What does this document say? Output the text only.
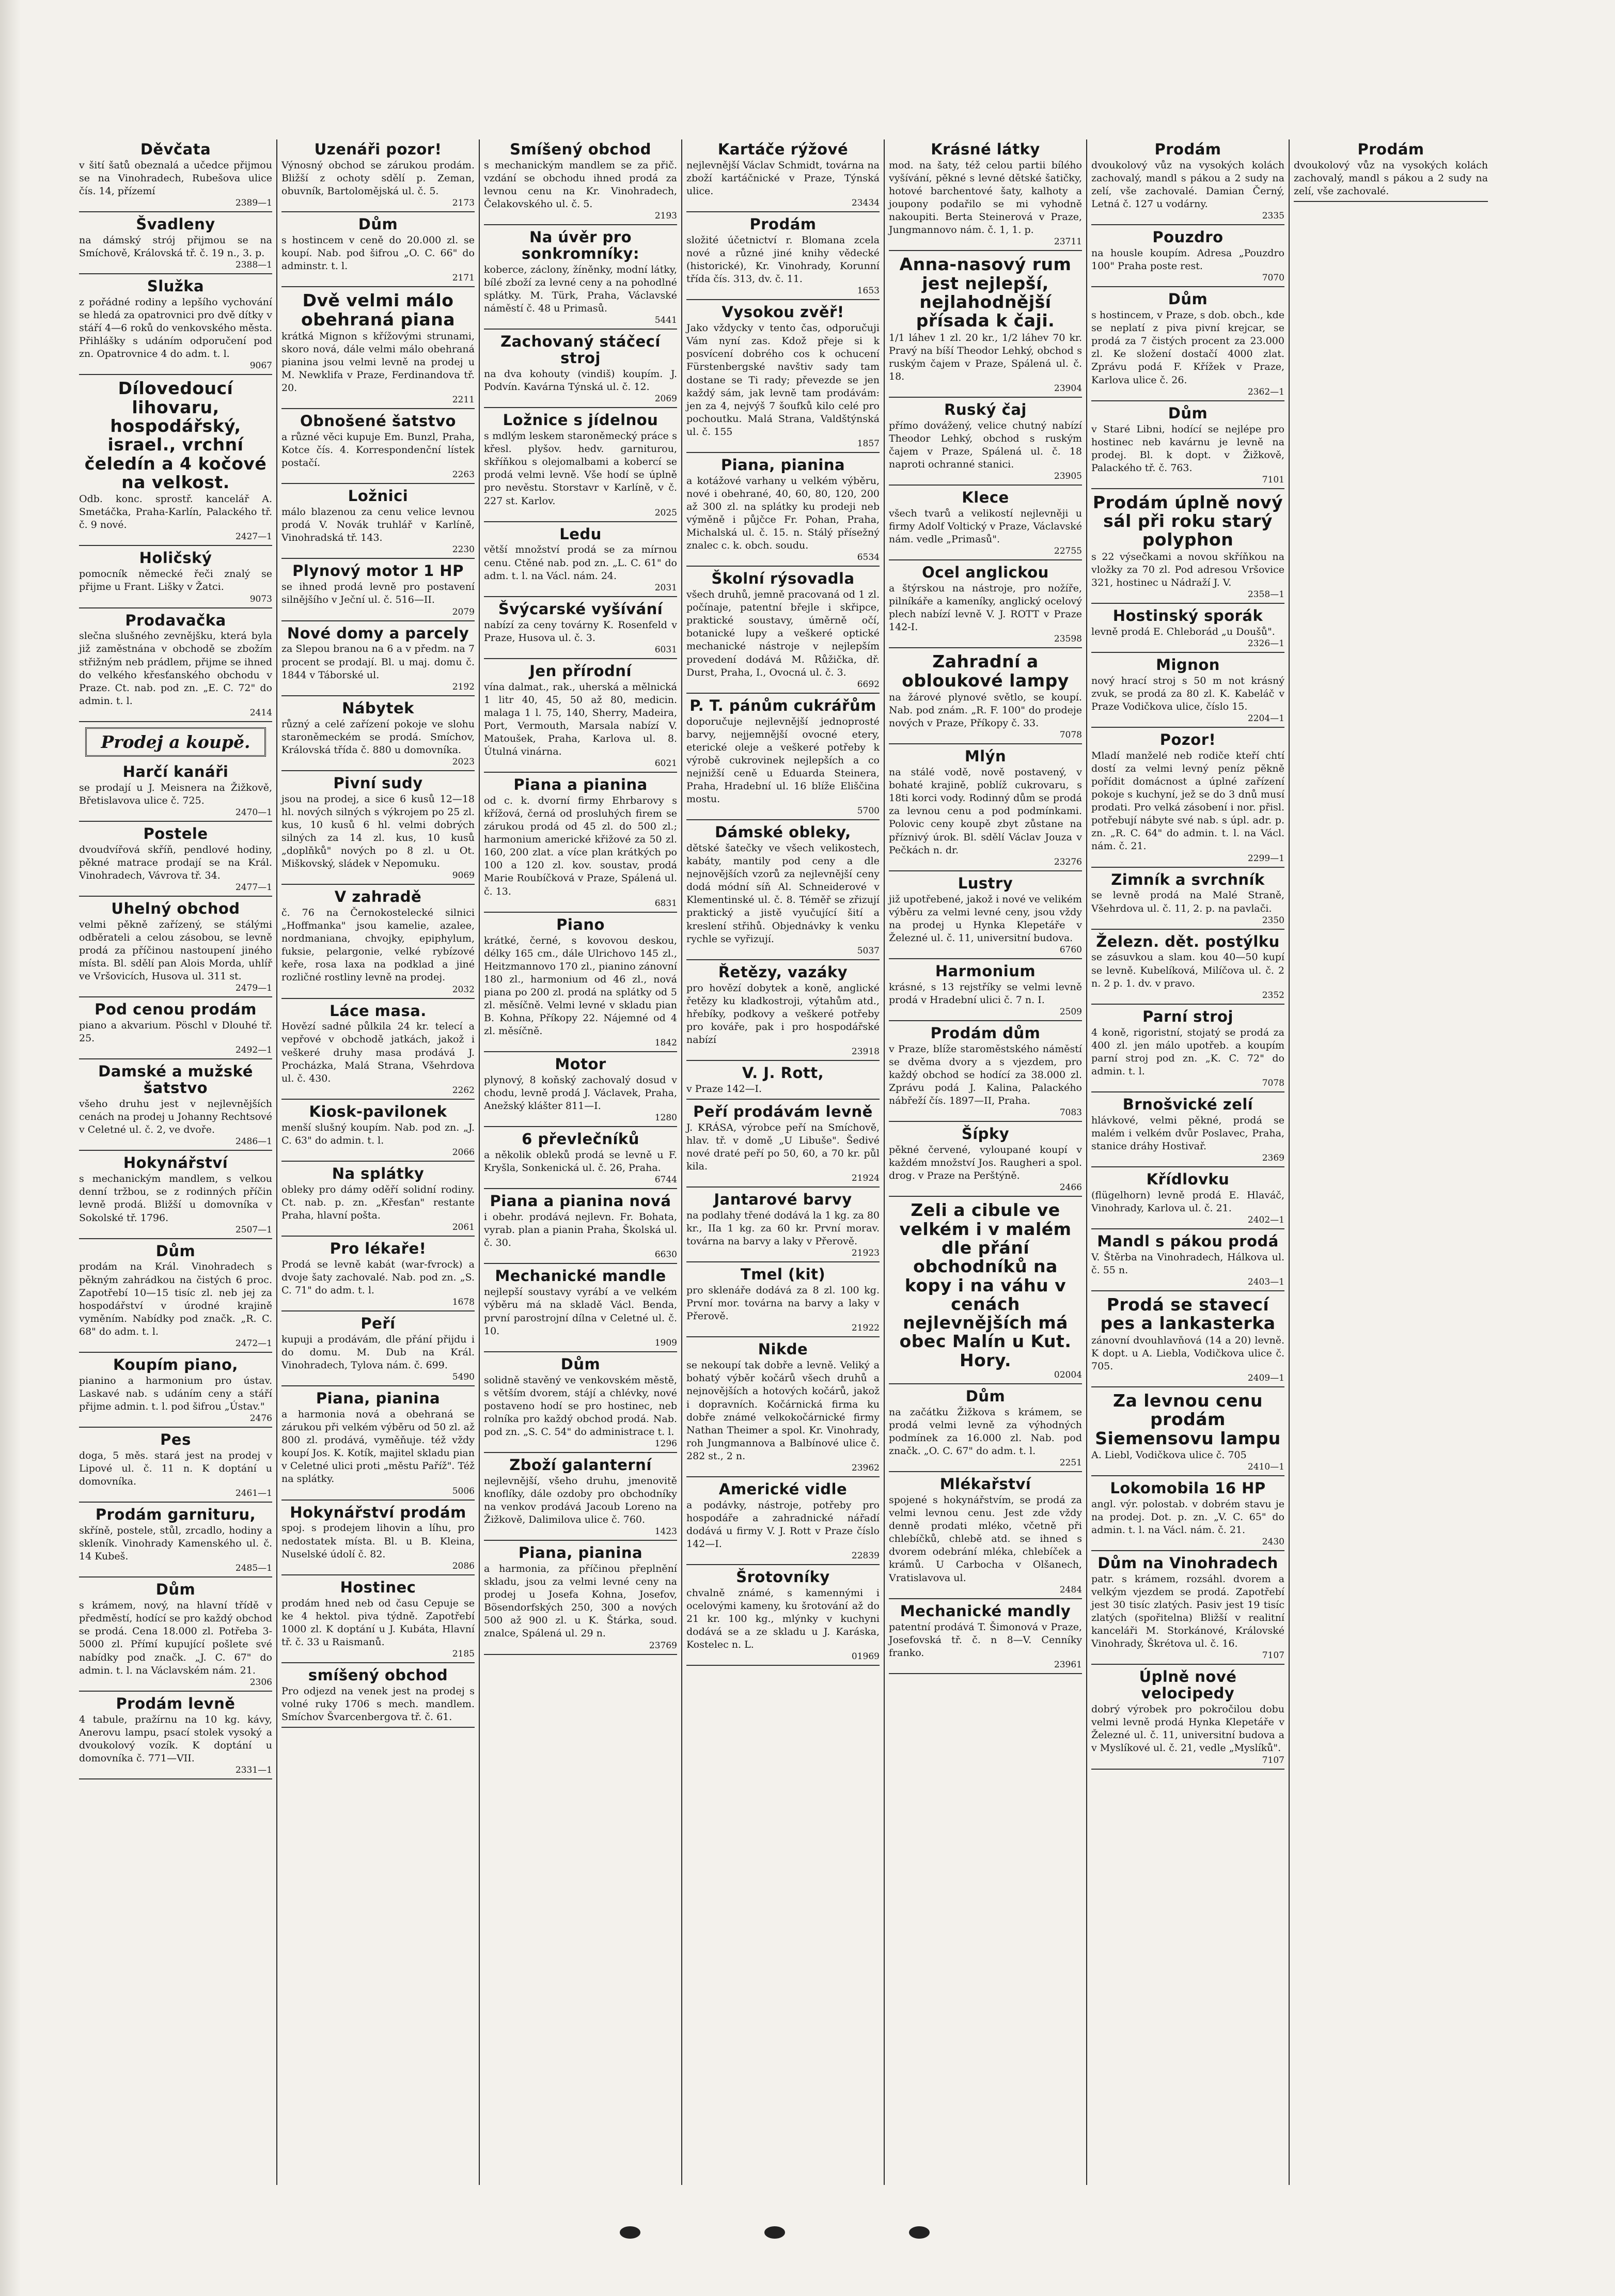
Děvčata

v šití šatů obeznalá a učedce přijmou se na Vinohradech, Rubešova ulice čís. 14, přízemí

2389—1
Švadleny

na dámský strój přijmou se na Smíchově, Královská tř. č. 19 n., 3. p.

2388—1
Služka

z pořádné rodiny a lepšího vychování se hledá za opatrovnici pro dvě dítky v stáří 4—6 roků do venkovského města. Přihlášky s udáním odporučení pod zn. Opatrovnice 4 do adm. t. l.

9067
Dílovedoucí lihovaru, hospodářský, israel., vrchní čeledín a 4 kočové na velkost.

Odb. konc. sprostř. kancelář A. Smetáčka, Praha-Karlín, Palackého tř. č. 9 nové.

2427—1
Holičský

pomocník německé řeči znalý se přijme u Frant. Lišky v Žatci.

9073
Prodavačka

slečna slušného zevnějšku, která byla již zaměstnána v obchodě se zbožím střižným neb prádlem, přijme se ihned do velkého křesťanského obchodu v Praze. Ct. nab. pod zn. „E. C. 72" do admin. t. l.

2414
Prodej a koupě.
Harčí kanáři

se prodají u J. Meisnera na Žižkově, Břetislavova ulice č. 725.

2470—1
Postele

dvoudvířová skříň, pendlové hodiny, pěkné matrace prodají se na Král. Vinohradech, Vávrova tř. 34.

2477—1
Uhelný obchod

velmi pěkně zařízený, se stálými odběrateli a celou zásobou, se levně prodá za příčinou nastoupení jiného místa. Bl. sdělí pan Alois Morda, uhlíř ve Vršovicích, Husova ul. 311 st.

2479—1
Pod cenou prodám

piano a akvarium. Pöschl v Dlouhé tř. 25.

2492—1
Damské a mužské šatstvo

všeho druhu jest v nejlevnějších cenách na prodej u Johanny Rechtsové v Celetné ul. č. 2, ve dvoře.

2486—1
Hokynářství

s mechanickým mandlem, s velkou denní tržbou, se z rodinných příčin levně prodá. Bližší u domovníka v Sokolské tř. 1796.

2507—1
Dům

prodám na Král. Vinohradech s pěkným zahrádkou na čistých 6 proc. Zapotřebí 10—15 tisíc zl. neb jej za hospodářství v úrodné krajině vyměním. Nabídky pod značk. „R. C. 68" do adm. t. l.

2472—1
Koupím piano,

pianino a harmonium pro ústav. Laskavé nab. s udáním ceny a stáří přijme admin. t. l. pod šifrou „Ústav."

2476
Pes

doga, 5 měs. stará jest na prodej v Lipové ul. č. 11 n. K doptání u domovníka.

2461—1
Prodám garnituru,

skříně, postele, stůl, zrcadlo, hodiny a skleník. Vinohrady Kamenského ul. č. 14 Kubeš.

2485—1
Dům

s krámem, nový, na hlavní třídě v předměstí, hodící se pro každý obchod se prodá. Cena 18.000 zl. Potřeba 3-5000 zl. Přímí kupující pošlete své nabídky pod značk. „J. C. 67" do admin. t. l. na Václavském nám. 21.

2306
Prodám levně

4 tabule, pražírnu na 10 kg. kávy, Anerovu lampu, psací stolek vysoký a dvoukolový vozík. K doptání u domovníka č. 771—VII.

2331—1
Uzenáři pozor!

Výnosný obchod se zárukou prodám. Bližší z ochoty sdělí p. Zeman, obuvník, Bartolomějská ul. č. 5.

2173
Dům

s hostincem v ceně do 20.000 zl. se koupí. Nab. pod šifrou „O. C. 66" do adminstr. t. l.

2171
Dvě velmi málo obehraná piana

krátká Mignon s křížovými strunami, skoro nová, dále velmi málo obehraná pianina jsou velmi levně na prodej u M. Newklifa v Praze, Ferdinandova tř. 20.

2211
Obnošené šatstvo

a různé věci kupuje Em. Bunzl, Praha, Kotce čís. 4. Korrespondenční lístek postačí.

2263
Ložnici

málo blazenou za cenu velice levnou prodá V. Novák truhlář v Karlíně, Vinohradská tř. 143.

2230
Plynový motor 1 HP

se ihned prodá levně pro postavení silnějšího v Ječní ul. č. 516—II.

2079
Nové domy a parcely

za Slepou branou na 6 a v předm. na 7 procent se prodají. Bl. u maj. domu č. 1844 v Táborské ul.

2192
Nábytek

různý a celé zařízení pokoje ve slohu staroněmeckém se prodá. Smíchov, Královská třída č. 880 u domovníka.

2023
Pivní sudy

jsou na prodej, a sice 6 kusů 12—18 hl. nových silných s výkrojem po 25 zl. kus, 10 kusů 6 hl. velmi dobrých silných za 14 zl. kus, 10 kusů „doplňků" nových po 8 zl. u Ot. Miškovský, sládek v Nepomuku.

9069
V zahradě

č. 76 na Černokostelecké silnici „Hoffmanka" jsou kamelie, azalee, nordmaniana, chvojky, epiphylum, fuksie, pelargonie, velké rybízové keře, rosa laxa na podklad a jiné rozličné rostliny levně na prodej.

2032
Láce masa.

Hovězí sadné půlkila 24 kr. telecí a vepřové v obchodě jatkách, jakož i veškeré druhy masa prodává J. Procházka, Malá Strana, Všehrdova ul. č. 430.

2262
Kiosk-pavilonek

menší slušný koupím. Nab. pod zn. „J. C. 63" do admin. t. l.

2066
Na splátky

obleky pro dámy oděří solidní rodiny. Ct. nab. p. zn. „Křesťan" restante Praha, hlavní pošta.

2061
Pro lékaře!

Prodá se levně kabát (war-fvrock) a dvoje šaty zachovalé. Nab. pod zn. „S. C. 71" do adm. t. l.

1678
Peří

kupuji a prodávám, dle přání přijdu i do domu. M. Dub na Král. Vinohradech, Tylova nám. č. 699.

5490
Piana, pianina

a harmonia nová a obehraná se zárukou při velkém výběru od 50 zl. až 800 zl. prodává, vyměňuje. též vždy koupí Jos. K. Kotík, majitel skladu pian v Celetné ulici proti „městu Paříž". Též na splátky.

5006
Hokynářství prodám

spoj. s prodejem lihovin a líhu, pro nedostatek místa. Bl. u B. Kleina, Nuselské údolí č. 82.

2086
Hostinec

prodám hned neb od času Cepuje se ke 4 hektol. piva týdně. Zapotřebí 1000 zl. K doptání u J. Kubáta, Hlavní tř. č. 33 u Raismanů.

2185
smíšený obchod

Pro odjezd na venek jest na prodej s volné ruky 1706 s mech. mandlem. Smíchov Švarcenbergova tř. č. 61.

Smíšený obchod

s mechanickým mandlem se za přič. vzdání se obchodu ihned prodá za levnou cenu na Kr. Vinohradech, Čelakovského ul. č. 5.

2193
Na úvěr pro sonkromníky:

koberce, záclony, žíněnky, modní látky, bílé zboží za levné ceny a na pohodlné splátky. M. Türk, Praha, Václavské náměstí č. 48 u Primasů.

5441
Zachovaný stáčecí stroj

na dva kohouty (vindiš) koupím. J. Podvín. Kavárna Týnská ul. č. 12.

2069
Ložnice s jídelnou

s mdlým leskem staroněmecký práce s křesl. plyšov. hedv. garniturou, skříňkou s olejomalbami a kobercí se prodá velmi levně. Vše hodí se úplně pro nevěstu. Storstavr v Karlíně, v č. 227 st. Karlov.

2025
Ledu

větší množství prodá se za mírnou cenu. Ctěné nab. pod zn. „L. C. 61" do adm. t. l. na Václ. nám. 24.

2031
Švýcarské vyšívání

nabízí za ceny továrny K. Rosenfeld v Praze, Husova ul. č. 3.

6031
Jen přírodní

vína dalmat., rak., uherská a mělnická 1 litr 40, 45, 50 až 80, medicin. malaga 1 l. 75, 140, Sherry, Madeira, Port, Vermouth, Marsala nabízí V. Matoušek, Praha, Karlova ul. 8. Útulná vinárna.

6021
Piana a pianina

od c. k. dvorní firmy Ehrbarovy s křížová, černá od prosluhých firem se zárukou prodá od 45 zl. do 500 zl.; harmonium americké křižové za 50 zl. 160, 200 zlat. a více plan krátkých po 100 a 120 zl. kov. soustav, prodá Marie Roubíčková v Praze, Spálená ul. č. 13.

6831
Piano

krátké, černé, s kovovou deskou, délky 165 cm., dále Ulrichovo 145 zl., Heitzmannovo 170 zl., pianino zánovní 180 zl., harmonium od 46 zl., nová piana po 200 zl. prodá na splátky od 5 zl. měsíčně. Velmi levné v skladu pian B. Kohna, Příkopy 22. Nájemné od 4 zl. měsíčně.

1842
Motor

plynový, 8 koňský zachovalý dosud v chodu, levně prodá J. Václavek, Praha, Anežský klášter 811—I.

1280
6 převlečníků

a několik obleků prodá se levně u F. Kryšla, Sonkenická ul. č. 26, Praha.

6744
Piana a pianina nová

i obehr. prodává nejlevn. Fr. Bohata, vyrab. plan a pianin Praha, Školská ul. č. 30.

6630
Mechanické mandle

nejlepší soustavy vyrábí a ve velkém výběru má na skladě Václ. Benda, první parostrojní dílna v Celetné ul. č. 10.

1909
Dům

solidně stavěný ve venkovském městě, s větším dvorem, stájí a chlévky, nové postaveno hodí se pro hostinec, neb rolníka pro každý obchod prodá. Nab. pod zn. „S. C. 54" do administrace t. l.

1296
Zboží galanterní

nejlevnější, všeho druhu, jmenovitě knoflíky, dále ozdoby pro obchodníky na venkov prodává Jacoub Loreno na Žižkově, Dalimilova ulice č. 760.

1423
Piana, pianina

a harmonia, za příčinou přeplnění skladu, jsou za velmi levné ceny na prodej u Josefa Kohna, Josefov, Bösendorfských 250, 300 a nových 500 až 900 zl. u K. Štárka, soud. znalce, Spálená ul. 29 n.

23769
Kartáče rýžové

nejlevnější Václav Schmidt, továrna na zboží kartáčnické v Praze, Týnská ulice.

23434
Prodám

složité účetnictví r. Blomana zcela nové a různé jiné knihy vědecké (historické), Kr. Vinohrady, Korunní třída čís. 313, dv. č. 11.

1653
Vysokou zvěř!

Jako vždycky v tento čas, odporučuji Vám nyní zas. Kdož přeje si k posvícení dobrého cos k ochucení Fürstenbergské navštiv sady tam dostane se Ti rady; převezde se jen každý sám, jak levně tam prodávám: jen za 4, nejvýš 7 šoufků kilo celé pro pochoutku. Malá Strana, Valdštýnská ul. č. 155

1857
Piana, pianina

a kotážové varhany u velkém výběru, nové i obehrané, 40, 60, 80, 120, 200 až 300 zl. na splátky ku prodeji neb výměně i půjčce Fr. Pohan, Praha, Michalská ul. č. 15. n. Stálý přísežný znalec c. k. obch. soudu.

6534
Školní rýsovadla

všech druhů, jemně pracovaná od 1 zl. počínaje, patentní břejle i skřipce, praktické soustavy, úměrně očí, botanické lupy a veškeré optické mechanické nástroje v nejlepším provedení dodává M. Růžička, dř. Durst, Praha, I., Ovocná ul. č. 3.

6692
P. T. pánům cukrářům

doporučuje nejlevnější jednoprosté barvy, nejjemnější ovocné etery, eterické oleje a veškeré potřeby k výrobě cukrovinek nejlepších a co nejnižší ceně u Eduarda Steinera, Praha, Hradební ul. 16 blíže Eliščina mostu.

5700
Dámské obleky,

dětské šatečky ve všech velikostech, kabáty, mantily pod ceny a dle nejnovějších vzorů za nejlevnější ceny dodá módní síň Al. Schneiderové v Klementinské ul. č. 8. Téměř se zřizují praktický a jistě vyučující šití a kreslení střihů. Objednávky k venku rychle se vyřizují.

5037
Řetězy, vazáky

pro hovězí dobytek a koně, anglické řetězy ku kladkostroji, výtahům atd., hřebíky, podkovy a veškeré potřeby pro kováře, pak i pro hospodářské nabízí

23918
V. J. Rott,

v Praze 142—I.

Peří prodávám levně

J. KRÁSA, výrobce peří na Smíchově, hlav. tř. v domě „U Libuše". Šedivé nové draté peří po 50, 60, a 70 kr. půl kila.

21924
Jantarové barvy

na podlahy třené dodává la 1 kg. za 80 kr., IIa 1 kg. za 60 kr. První morav. továrna na barvy a laky v Přerově.

21923
Tmel (kit)

pro sklenáře dodává za 8 zl. 100 kg. První mor. továrna na barvy a laky v Přerově.

21922
Nikde

se nekoupí tak dobře a levně. Veliký a bohatý výběr kočárů všech druhů a nejnovějších a hotových kočárů, jakož i dopravních. Kočárnická firma ku dobře známé velkokočárnické firmy Nathan Theimer a spol. Kr. Vinohrady, roh Jungmannova a Balbínové ulice č. 282 st., 2 n.

23962
Americké vidle

a podávky, nástroje, potřeby pro hospodáře a zahradnické nářadí dodává u firmy V. J. Rott v Praze číslo 142—I.

22839
Šrotovníky

chvalně známé, s kamennými i ocelovými kameny, ku šrotování až do 21 kr. 100 kg., mlýnky v kuchyni dodává se a ze skladu u J. Karáska, Kostelec n. L.

01969
Krásné látky

mod. na šaty, též celou partii bílého vyšívání, pěkné s levné dětské šatičky, hotové barchentové šaty, kalhoty a joupony podařilo se mi vyhodně nakoupiti. Berta Steinerová v Praze, Jungmannovo nám. č. 1, 1. p.

23711
Anna-nasový rum jest nejlepší, nejlahodnější přísada k čaji.

1/1 láhev 1 zl. 20 kr., 1/2 láhev 70 kr. Pravý na bíší Theodor Lehký, obchod s ruským čajem v Praze, Spálená ul. č. 18.

23904
Ruský čaj

přímo dovážený, velice chutný nabízí Theodor Lehký, obchod s ruským čajem v Praze, Spálená ul. č. 18 naproti ochranné stanici.

23905
Klece

všech tvarů a velikostí nejlevněji u firmy Adolf Voltický v Praze, Václavské nám. vedle „Primasů".

22755
Ocel anglickou

a štýrskou na nástroje, pro nožíře, pilníkáře a kameníky, anglický ocelový plech nabízí levně V. J. ROTT v Praze 142-I.

23598
Zahradní a obloukové lampy

na žárové plynové světlo, se koupí. Nab. pod znám. „R. F. 100" do prodeje nových v Praze, Příkopy č. 33.

7078
Mlýn

na stálé vodě, nově postavený, v bohaté krajině, poblíž cukrovaru, s 18ti korci vody. Rodinný dům se prodá za levnou cenu a pod podmínkami. Polovic ceny koupě zbyt zůstane na příznivý úrok. Bl. sdělí Václav Jouza v Pečkách n. dr.

23276
Lustry

již upotřebené, jakož i nové ve velikém výběru za velmi levné ceny, jsou vždy na prodej u Hynka Klepetáře v Železné ul. č. 11, universitní budova.

6760
Harmonium

krásné, s 13 rejstříky se velmi levně prodá v Hradební ulici č. 7 n. I.

2509
Prodám dům

v Praze, blíže staroměstského náměstí se dvěma dvory a s vjezdem, pro každý obchod se hodící za 38.000 zl. Zprávu podá J. Kalina, Palackého nábřeží čís. 1897—II, Praha.

7083
Šípky

pěkné červené, vyloupané koupí v každém množství Jos. Raugheri a spol. drog. v Praze na Perštýně.

2466
Zeli a cibule ve velkém i v malém dle přání obchodníků na kopy i na váhu v cenách nejlevnějších má obec Malín u Kut. Hory.
02004
Dům

na začátku Žižkova s krámem, se prodá velmi levně za výhodných podmínek za 16.000 zl. Nab. pod značk. „O. C. 67" do adm. t. l.

2251
Mlékařství

spojené s hokynářstvím, se prodá za velmi levnou cenu. Jest zde vždy denně prodati mléko, včetně při chlebíčků, chlebě atd. se ihned s dvorem odebrání mléka, chlebíček a krámů. U Carbocha v Olšanech, Vratislavova ul.

2484
Mechanické mandly

patentní prodává T. Šimonová v Praze, Josefovská tř. č. n 8—V. Cenníky franko.

23961
Prodám

dvoukolový vůz na vysokých kolách zachovalý, mandl s pákou a 2 sudy na zelí, vše zachovalé. Damian Černý, Letná č. 127 u vodárny.

2335
Pouzdro

na housle koupím. Adresa „Pouzdro 100" Praha poste rest.

7070
Dům

s hostincem, v Praze, s dob. obch., kde se neplatí z piva pivní krejcar, se prodá za 7 čistých procent za 23.000 zl. Ke složení dostačí 4000 zlat. Zprávu podá F. Křížek v Praze, Karlova ulice č. 26.

2362—1
Dům

v Staré Libni, hodící se nejlépe pro hostinec neb kavárnu je levně na prodej. Bl. k dopt. v Žižkově, Palackého tř. č. 763.

7101
Prodám úplně nový sál při roku starý polyphon

s 22 výsečkami a novou skříňkou na vložky za 70 zl. Pod adresou Vršovice 321, hostinec u Nádraží J. V.

2358—1
Hostinský sporák

levně prodá E. Chleborád „u Doušů".

2326—1
Mignon

nový hrací stroj s 50 m not krásný zvuk, se prodá za 80 zl. K. Kabeláč v Praze Vodičkova ulice, číslo 15.

2204—1
Pozor!

Mladí manželé neb rodiče kteří chtí dostí za velmi levný peníz pěkně pořídit domácnost a úplné zařízení pokoje s kuchyní, jež se do 3 dnů musí prodati. Pro velká zásobení i nor. přisl. potřebují nábyte své nab. s úpl. adr. p. zn. „R. C. 64" do admin. t. l. na Václ. nám. č. 21.

2299—1
Zimník a svrchník

se levně prodá na Malé Straně, Všehrdova ul. č. 11, 2. p. na pavlači.

2350
Železn. dět. postýlku

se zásuvkou a slam. kou 40—50 kupí se levně. Kubelíková, Milíčova ul. č. 2 n. 2 p. 1. dv. v pravo.

2352
Parní stroj

4 koně, rigoristní, stojatý se prodá za 400 zl. jen málo upotřeb. a koupím parní stroj pod zn. „K. C. 72" do admin. t. l.

7078
Brnošvické zelí

hlávkové, velmi pěkné, prodá se malém i velkém dvůr Poslavec, Praha, stanice dráhy Hostivař.

2369
Křídlovku

(flügelhorn) levně prodá E. Hlaváč, Vinohrady, Karlova ul. č. 21.

2402—1
Mandl s pákou prodá

V. Štěrba na Vinohradech, Hálkova ul. č. 55 n.

2403—1
Prodá se stavecí pes a lankasterka

zánovní dvouhlavňová (14 a 20) levně. K dopt. u A. Liebla, Vodičkova ulice č. 705.

2409—1
Za levnou cenu prodám Siemensovu lampu

A. Liebl, Vodičkova ulice č. 705

2410—1
Lokomobila 16 HP

angl. výr. polostab. v dobrém stavu je na prodej. Dot. p. zn. „V. C. 65" do admin. t. l. na Václ. nám. č. 21.

2430
Dům na Vinohradech

patr. s krámem, rozsáhl. dvorem a velkým vjezdem se prodá. Zapotřebí jest 30 tisíc zlatých. Pasiv jest 19 tisíc zlatých (spořitelna) Bližší v realitní kanceláři M. Storkánové, Královské Vinohrady, Škrétova ul. č. 16.

7107
Úplně nové velocipedy

dobrý výrobek pro pokročilou dobu velmi levně prodá Hynka Klepetáře v Železné ul. č. 11, universitní budova a v Myslíkové ul. č. 21, vedle „Myslíků".

7107
Prodám

dvoukolový vůz na vysokých kolách zachovalý, mandl s pákou a 2 sudy na zelí, vše zachovalé.
